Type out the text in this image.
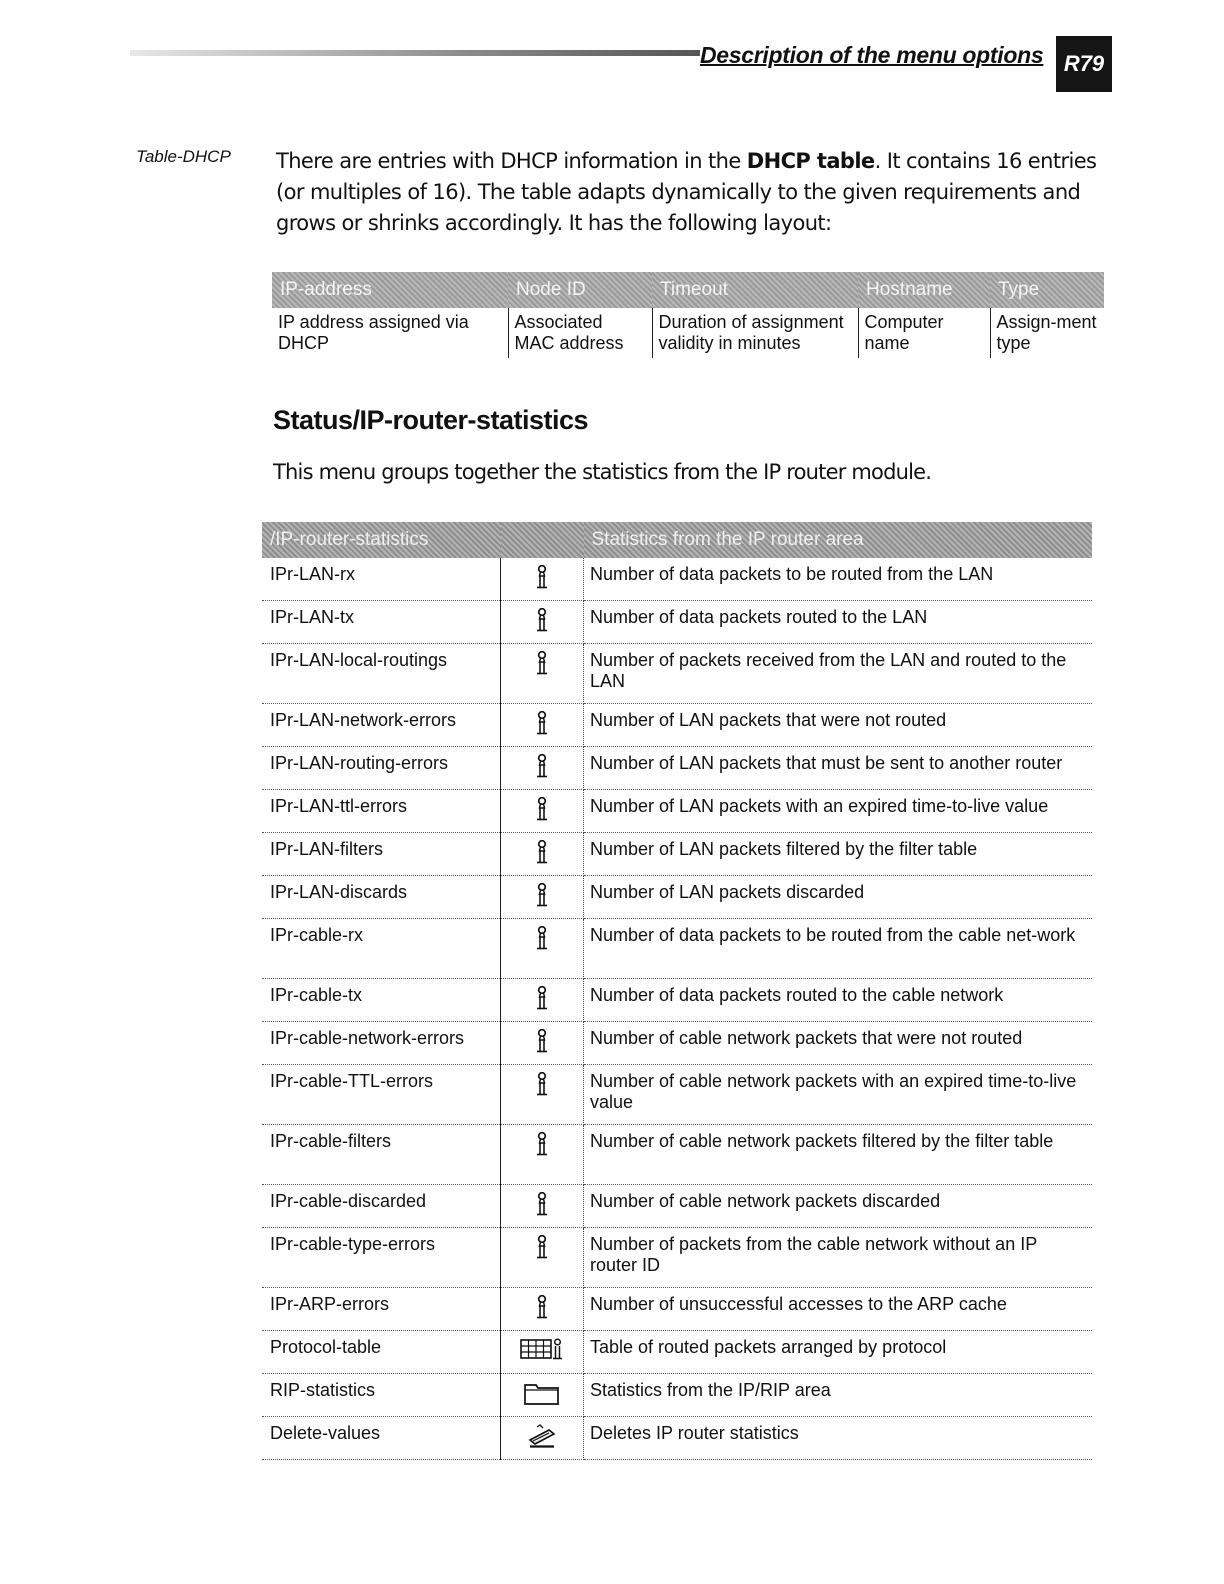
Description of the menu options R79
Table-DHCP There are entries with DHCP information in the DHCP table. It contains 16 entries (or multiples of 16). The table adapts dynamically to the given requirements and grows or shrinks accordingly. It has the following layout:
IP-address	Node ID	Timeout	Hostname	Type
IP address assigned via DHCP	Associated MAC address	Duration of assignment validity in minutes	Computer name	Assign-ment type
Status/IP-router-statistics
This menu groups together the statistics from the IP router module.
/IP-router-statistics		Statistics from the IP router area
IPr-LAN-rx		Number of data packets to be routed from the LAN
IPr-LAN-tx		Number of data packets routed to the LAN
IPr-LAN-local-routings		Number of packets received from the LAN and routed to the LAN
IPr-LAN-network-errors		Number of LAN packets that were not routed
IPr-LAN-routing-errors		Number of LAN packets that must be sent to another router
IPr-LAN-ttl-errors		Number of LAN packets with an expired time-to-live value
IPr-LAN-filters		Number of LAN packets filtered by the filter table
IPr-LAN-discards		Number of LAN packets discarded
IPr-cable-rx		Number of data packets to be routed from the cable net-work
IPr-cable-tx		Number of data packets routed to the cable network
IPr-cable-network-errors		Number of cable network packets that were not routed
IPr-cable-TTL-errors		Number of cable network packets with an expired time-to-live value
IPr-cable-filters		Number of cable network packets filtered by the filter table
IPr-cable-discarded		Number of cable network packets discarded
IPr-cable-type-errors		Number of packets from the cable network without an IP router ID
IPr-ARP-errors		Number of unsuccessful accesses to the ARP cache
Protocol-table		Table of routed packets arranged by protocol
RIP-statistics		Statistics from the IP/RIP area
Delete-values		Deletes IP router statistics
